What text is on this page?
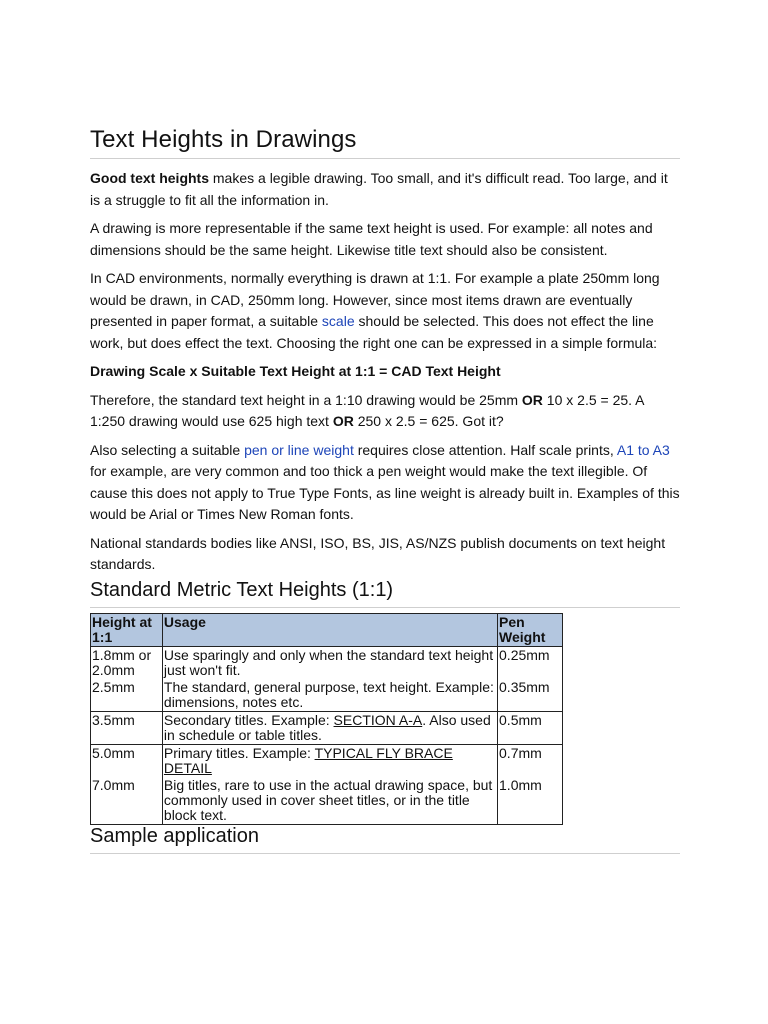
Text Heights in Drawings

Good text heights makes a legible drawing. Too small, and it's difficult read. Too large, and it is a struggle to fit all the information in.

A drawing is more representable if the same text height is used. For example: all notes and dimensions should be the same height. Likewise title text should also be consistent.

In CAD environments, normally everything is drawn at 1:1. For example a plate 250mm long would be drawn, in CAD, 250mm long. However, since most items drawn are eventually presented in paper format, a suitable scale should be selected. This does not effect the line work, but does effect the text. Choosing the right one can be expressed in a simple formula:

Drawing Scale x Suitable Text Height at 1:1 = CAD Text Height

Therefore, the standard text height in a 1:10 drawing would be 25mm OR 10 x 2.5 = 25. A 1:250 drawing would use 625 high text OR 250 x 2.5 = 625. Got it?

Also selecting a suitable pen or line weight requires close attention. Half scale prints, A1 to A3 for example, are very common and too thick a pen weight would make the text illegible. Of cause this does not apply to True Type Fonts, as line weight is already built in. Examples of this would be Arial or Times New Roman fonts.

National standards bodies like ANSI, ISO, BS, JIS, AS/NZS publish documents on text height standards.

Standard Metric Text Heights (1:1)
Height at 1:1	Usage	Pen Weight
1.8mm or 2.0mm	Use sparingly and only when the standard text height just won't fit.	0.25mm
2.5mm	The standard, general purpose, text height. Example: dimensions, notes etc.	0.35mm
3.5mm	Secondary titles. Example: SECTION A-A. Also used in schedule or table titles.	0.5mm
5.0mm	Primary titles. Example: TYPICAL FLY BRACE DETAIL	0.7mm
7.0mm	Big titles, rare to use in the actual drawing space, but commonly used in cover sheet titles, or in the title block text.	1.0mm
Sample application
